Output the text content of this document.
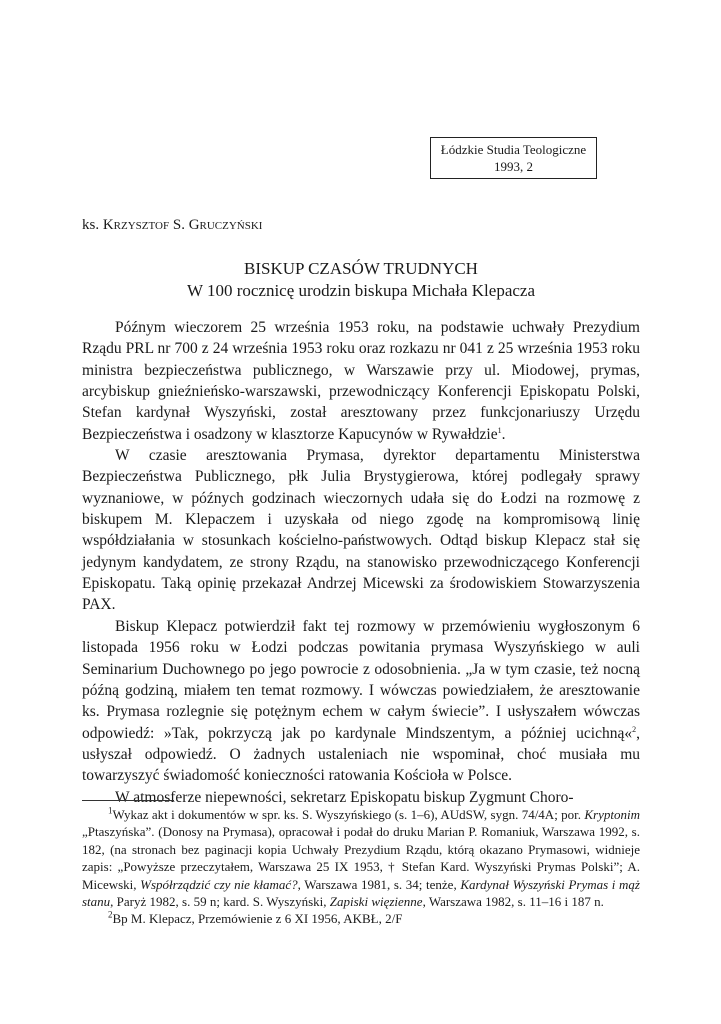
Łódzkie Studia Teologiczne
1993, 2
ks. Krzysztof S. Gruczyński
BISKUP CZASÓW TRUDNYCH
W 100 rocznicę urodzin biskupa Michała Klepacza

Późnym wieczorem 25 września 1953 roku, na podstawie uchwały Prezydium Rządu PRL nr 700 z 24 września 1953 roku oraz rozkazu nr 041 z 25 września 1953 roku ministra bezpieczeństwa publicznego, w Warszawie przy ul. Miodowej, prymas, arcybiskup gnieźnieńsko-warszawski, przewodniczący Konferencji Episkopatu Polski, Stefan kardynał Wyszyński, został aresztowany przez funkcjonariuszy Urzędu Bezpieczeństwa i osadzony w klasztorze Kapucynów w Rywałdzie$^1$.

W czasie aresztowania Prymasa, dyrektor departamentu Ministerstwa Bezpieczeństwa Publicznego, płk Julia Brystygierowa, której podlegały sprawy wyznaniowe, w późnych godzinach wieczornych udała się do Łodzi na rozmowę z biskupem M. Klepaczem i uzyskała od niego zgodę na kompromisową linię współdziałania w stosunkach kościelno-państwowych. Odtąd biskup Klepacz stał się jedynym kandydatem, ze strony Rządu, na stanowisko przewodniczącego Konferencji Episkopatu. Taką opinię przekazał Andrzej Micewski za środowiskiem Stowarzyszenia PAX.

Biskup Klepacz potwierdził fakt tej rozmowy w przemówieniu wygłoszonym 6 listopada 1956 roku w Łodzi podczas powitania prymasa Wyszyńskiego w auli Seminarium Duchownego po jego powrocie z odosobnienia. „Ja w tym czasie, też nocną późną godziną, miałem ten temat rozmowy. I wówczas powiedziałem, że aresztowanie ks. Prymasa rozlegnie się potężnym echem w całym świecie”. I usłyszałem wówczas odpowiedź: »Tak, pokrzyczą jak po kardynale Mindszentym, a później ucichną«$^2$, usłyszał odpowiedź. O żadnych ustaleniach nie wspominał, choć musiała mu towarzyszyć świadomość konieczności ratowania Kościoła w Polsce.

W atmosferze niepewności, sekretarz Episkopatu biskup Zygmunt Choro-

$^1$Wykaz akt i dokumentów w spr. ks. S. Wyszyńskiego (s. 1–6), AUdSW, sygn. 74/4A; por. Kryptonim „Ptaszyńska”. (Donosy na Prymasa), opracował i podał do druku Marian P. Romaniuk, Warszawa 1992, s. 182, (na stronach bez paginacji kopia Uchwały Prezydium Rządu, którą okazano Prymasowi, widnieje zapis: „Powyższe przeczytałem, Warszawa 25 IX 1953, † Stefan Kard. Wyszyński Prymas Polski”; A. Micewski, Współrządzić czy nie kłamać?, Warszawa 1981, s. 34; tenże, Kardynał Wyszyński Prymas i mąż stanu, Paryż 1982, s. 59 n; kard. S. Wyszyński, Zapiski więzienne, Warszawa 1982, s. 11–16 i 187 n.

$^2$Bp M. Klepacz, Przemówienie z 6 XI 1956, AKBŁ, 2/F
